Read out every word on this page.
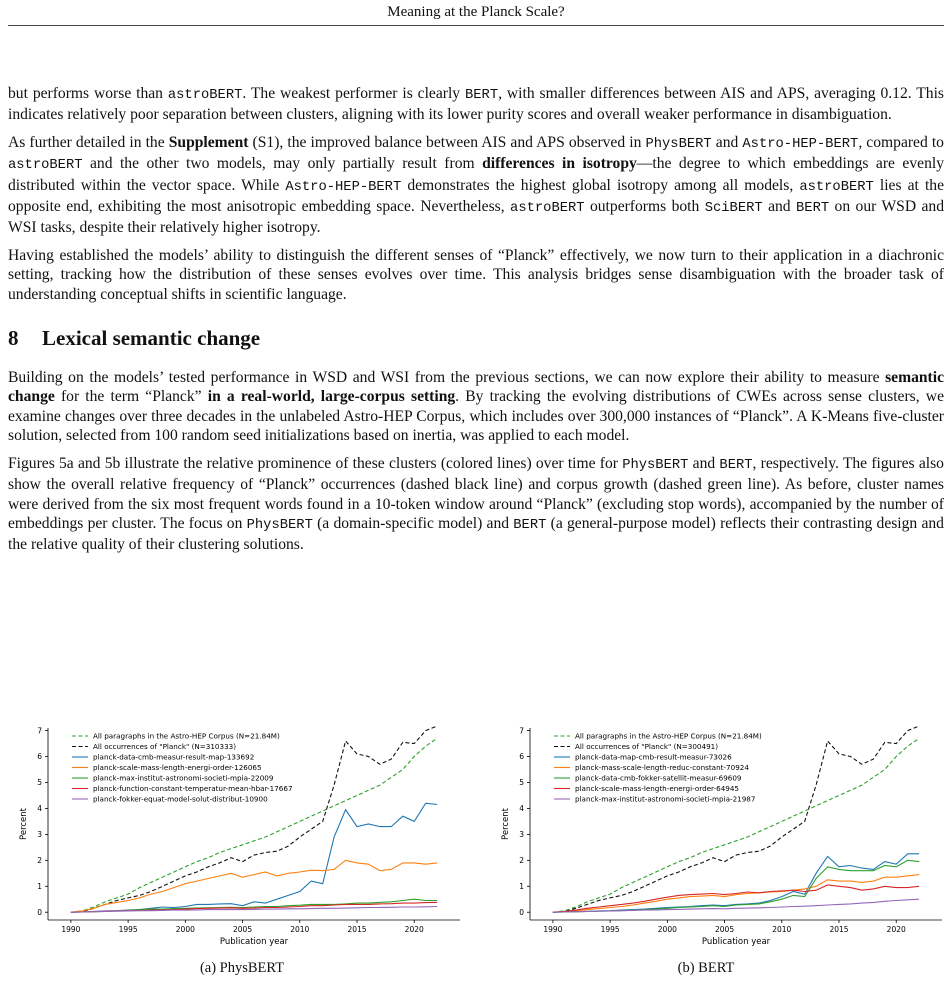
Meaning at the Planck Scale?

but performs worse than astroBERT. The weakest performer is clearly BERT, with smaller differences between AIS and APS, averaging 0.12. This indicates relatively poor separation between clusters, aligning with its lower purity scores and overall weaker performance in disambiguation.

As further detailed in the Supplement (S1), the improved balance between AIS and APS observed in PhysBERT and Astro-HEP-BERT, compared to astroBERT and the other two models, may only partially result from differences in isotropy—the degree to which embeddings are evenly distributed within the vector space. While Astro-HEP-BERT demonstrates the highest global isotropy among all models, astroBERT lies at the opposite end, exhibiting the most anisotropic embedding space. Nevertheless, astroBERT outperforms both SciBERT and BERT on our WSD and WSI tasks, despite their relatively higher isotropy.

Having established the models’ ability to distinguish the different senses of “Planck” effectively, we now turn to their application in a diachronic setting, tracking how the distribution of these senses evolves over time. This analysis bridges sense disambiguation with the broader task of understanding conceptual shifts in scientific language.

8 Lexical semantic change

Building on the models’ tested performance in WSD and WSI from the previous sections, we can now explore their ability to measure semantic change for the term “Planck” in a real-world, large-corpus setting. By tracking the evolving distributions of CWEs across sense clusters, we examine changes over three decades in the unlabeled Astro-HEP Corpus, which includes over 300,000 instances of “Planck”. A K-Means five-cluster solution, selected from 100 random seed initializations based on inertia, was applied to each model.

Figures 5a and 5b illustrate the relative prominence of these clusters (colored lines) over time for PhysBERT and BERT, respectively. The figures also show the overall relative frequency of “Planck” occurrences (dashed black line) and corpus growth (dashed green line). As before, cluster names were derived from the six most frequent words found in a 10-token window around “Planck” (excluding stop words), accompanied by the number of embeddings per cluster. The focus on PhysBERT (a domain-specific model) and BERT (a general-purpose model) reflects their contrasting design and the relative quality of their clustering solutions.

1990	1995	2000	2005	2010	2015	2020
0
1
2
3
4
5
6
7
Publication year
Percent
All paragraphs in the Astro-HEP Corpus (N=21.84M)
All occurrences of "Planck" (N=310333)
planck-data-cmb-measur-result-map-133692
planck-scale-mass-length-energi-order-126065
planck-max-institut-astronomi-societi-mpia-22009
planck-function-constant-temperatur-mean-hbar-17667
planck-fokker-equat-model-solut-distribut-10900
1990	1995	2000	2005	2010	2015	2020
0
1
2
3
4
5
6
7
Publication year
Percent
All paragraphs in the Astro-HEP Corpus (N=21.84M)
All occurrences of "Planck" (N=300491)
planck-data-map-cmb-result-measur-73026
planck-mass-scale-length-reduc-constant-70924
planck-data-cmb-fokker-satellit-measur-69609
planck-scale-mass-length-energi-order-64945
planck-max-institut-astronomi-societi-mpia-21987
(a) PhysBERT	(b) BERT
